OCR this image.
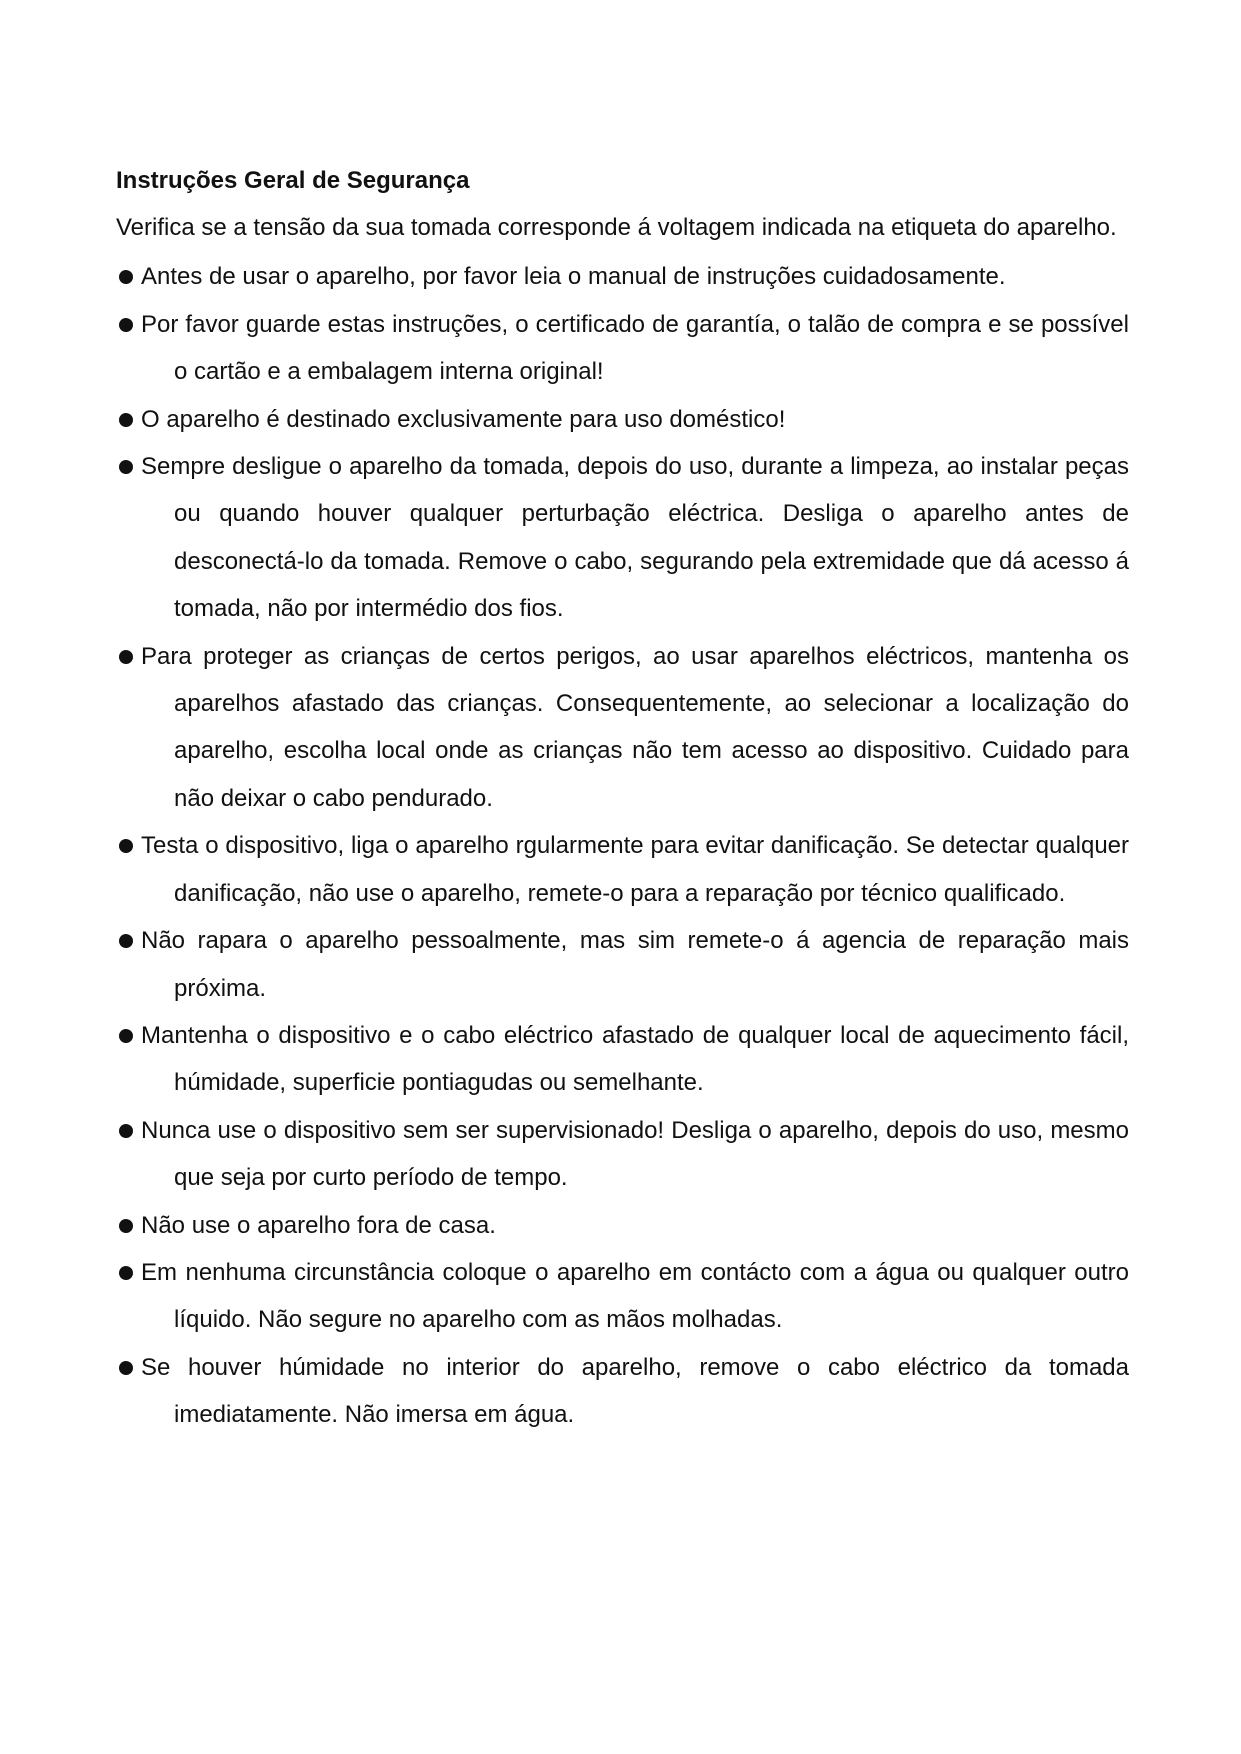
Instruções Geral de Segurança
Verifica se a tensão da sua tomada corresponde á voltagem indicada na etiqueta do aparelho.
Antes de usar o aparelho, por favor leia o manual de instruções cuidadosamente.
Por favor guarde estas instruções, o certificado de garantía, o talão de compra e se possível o cartão e a embalagem interna original!
O aparelho é destinado exclusivamente para uso doméstico!
Sempre desligue o aparelho da tomada, depois do uso, durante a limpeza, ao instalar peças ou quando houver qualquer perturbação eléctrica. Desliga o aparelho antes de desconectá-lo da tomada. Remove o cabo, segurando pela extremidade que dá acesso á tomada, não por intermédio dos fios.
Para proteger as crianças de certos perigos, ao usar aparelhos eléctricos, mantenha os aparelhos afastado das crianças. Consequentemente, ao selecionar a localização do aparelho, escolha local onde as crianças não tem acesso ao dispositivo. Cuidado para não deixar o cabo pendurado.
Testa o dispositivo, liga o aparelho rgularmente para evitar danificação. Se detectar qualquer danificação, não use o aparelho, remete-o para a reparação por técnico qualificado.
Não rapara o aparelho pessoalmente, mas sim remete-o á agencia de reparação mais próxima.
Mantenha o dispositivo e o cabo eléctrico afastado de qualquer local de aquecimento fácil, húmidade, superficie pontiagudas ou semelhante.
Nunca use o dispositivo sem ser supervisionado! Desliga o aparelho, depois do uso, mesmo que seja por curto período de tempo.
Não use o aparelho fora de casa.
Em nenhuma circunstância coloque o aparelho em contácto com a água ou qualquer outro líquido. Não segure no aparelho com as mãos molhadas.
Se houver húmidade no interior do aparelho, remove o cabo eléctrico da tomada imediatamente. Não imersa em água.
